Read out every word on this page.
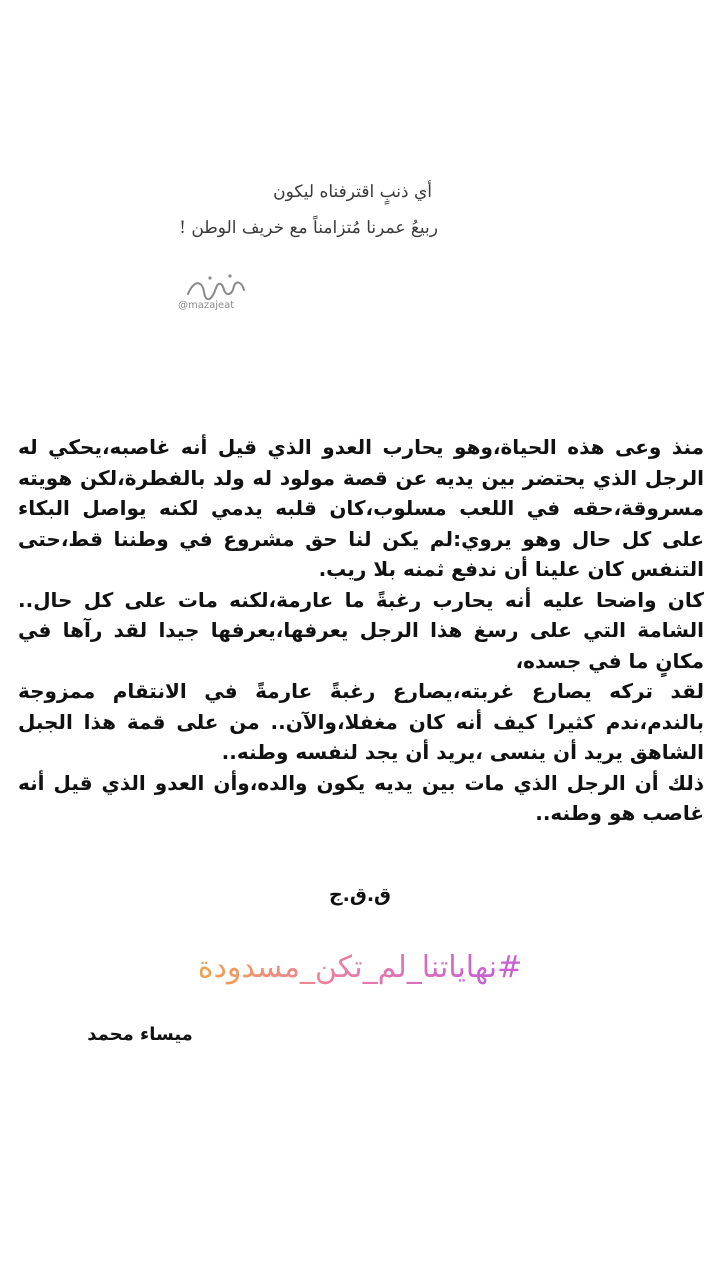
أي ذنبٍ اقترفناه ليكون
ربيعُ عمرنا مُتزامناً مع خريف الوطن !
@mazajeat

منذ وعى هذه الحياة،وهو يحارب العدو الذي قيل أنه غاصبه،يحكي له الرجل الذي يحتضر بين يديه عن قصة مولود له ولد بالفطرة،لكن هويته مسروقة،حقه في اللعب مسلوب،كان قلبه يدمي لكنه يواصل البكاء على كل حال وهو يروي:لم يكن لنا حق مشروع في وطننا قط،حتى التنفس كان علينا أن ندفع ثمنه بلا ريب.

كان واضحا عليه أنه يحارب رغبةً ما عارمة،لكنه مات على كل حال.. الشامة التي على رسغ هذا الرجل يعرفها،يعرفها جيدا لقد رآها في مكانٍ ما في جسده،

لقد تركه يصارع غربته،يصارع رغبةً عارمةً في الانتقام ممزوجة بالندم،ندم كثيرا كيف أنه كان مغفلا،والآن.. من على قمة هذا الجبل الشاهق يريد أن ينسى ،يريد أن يجد لنفسه وطنه..

ذلك أن الرجل الذي مات بين يديه يكون والده،وأن العدو الذي قيل أنه غاصب هو وطنه..

ق.ق.ج
#نهاياتنا_لم_تكن_مسدودة
ميساء محمد
